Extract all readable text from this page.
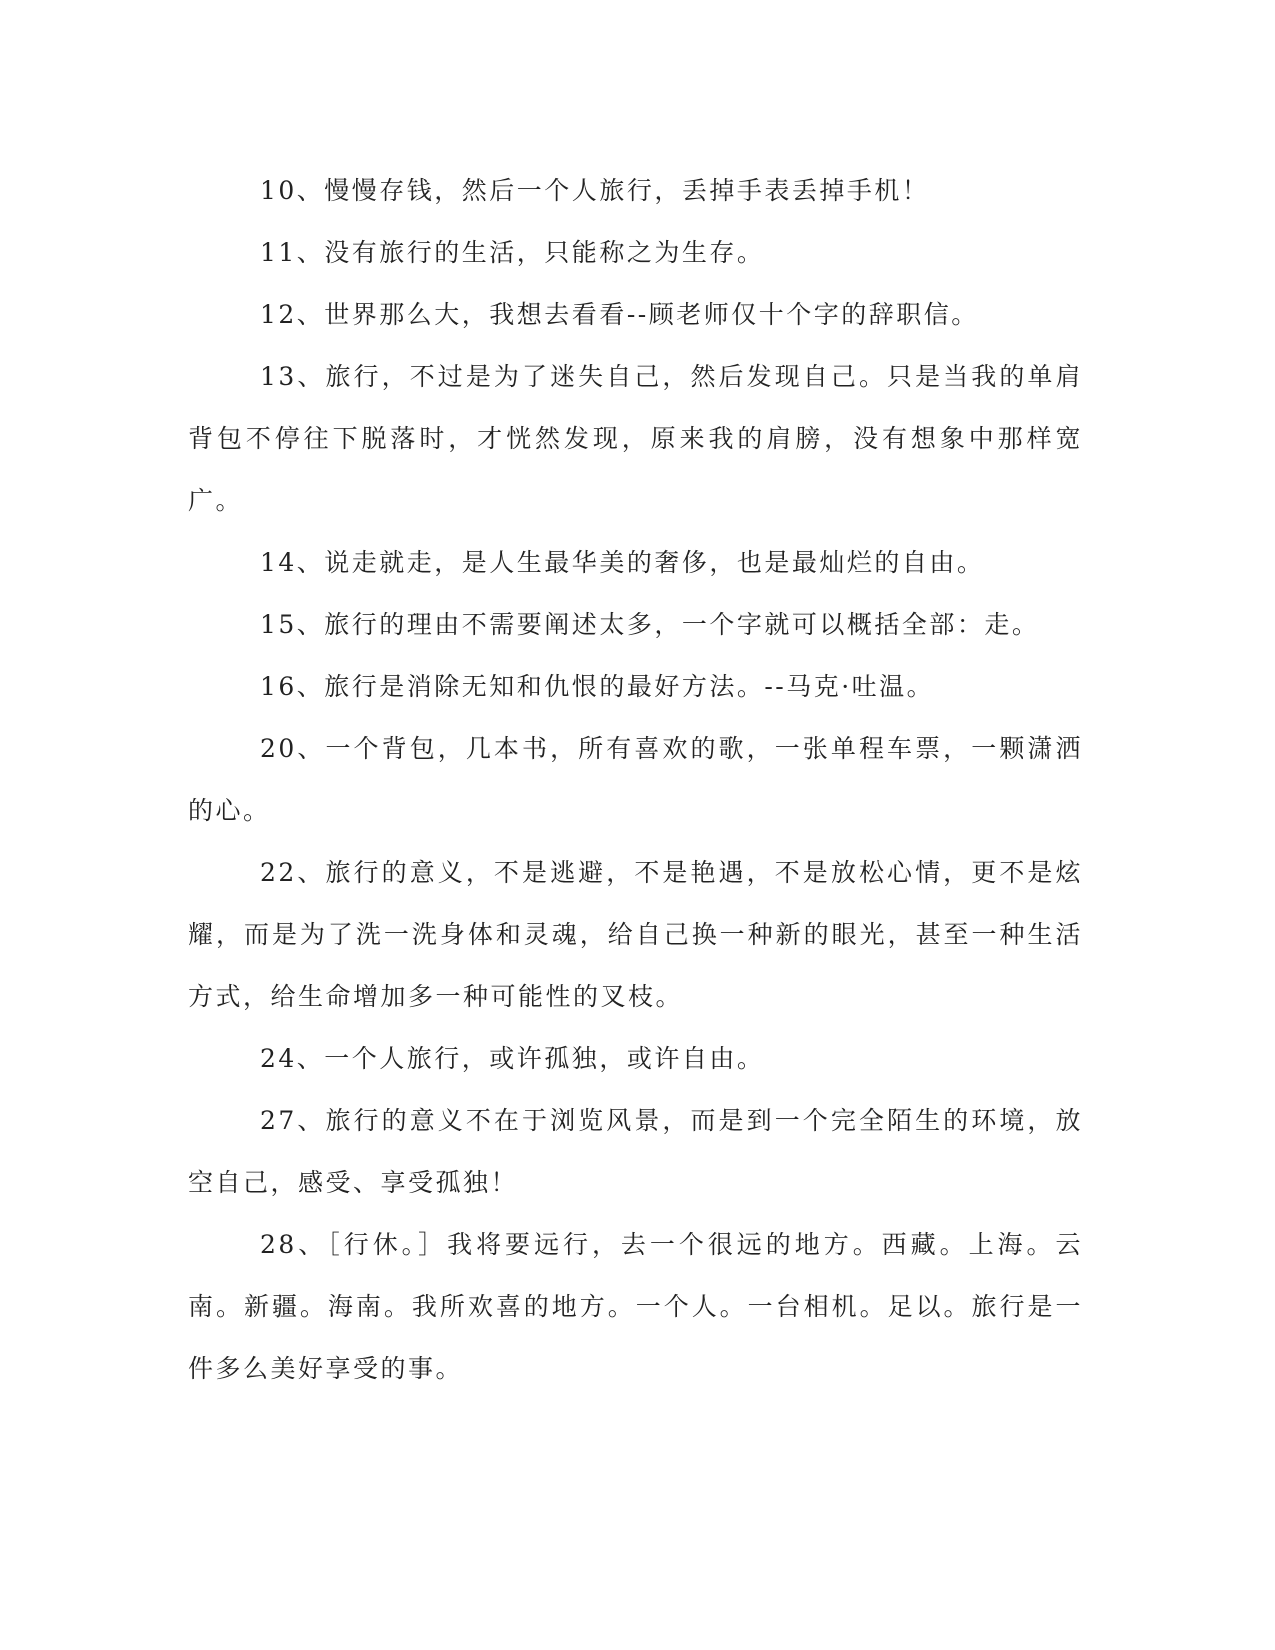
10、慢慢存钱，然后一个人旅行，丢掉手表丢掉手机！

11、没有旅行的生活，只能称之为生存。

12、世界那么大，我想去看看--顾老师仅十个字的辞职信。

13、旅行，不过是为了迷失自己，然后发现自己。只是当我的单肩背包不停往下脱落时，才恍然发现，原来我的肩膀，没有想象中那样宽广。

14、说走就走，是人生最华美的奢侈，也是最灿烂的自由。

15、旅行的理由不需要阐述太多，一个字就可以概括全部：走。

16、旅行是消除无知和仇恨的最好方法。--马克·吐温。

20、一个背包，几本书，所有喜欢的歌，一张单程车票，一颗潇洒的心。

22、旅行的意义，不是逃避，不是艳遇，不是放松心情，更不是炫耀，而是为了洗一洗身体和灵魂，给自己换一种新的眼光，甚至一种生活方式，给生命增加多一种可能性的叉枝。

24、一个人旅行，或许孤独，或许自由。

27、旅行的意义不在于浏览风景，而是到一个完全陌生的环境，放空自己，感受、享受孤独！

28、［行休。］我将要远行，去一个很远的地方。西藏。上海。云南。新疆。海南。我所欢喜的地方。一个人。一台相机。足以。旅行是一件多么美好享受的事。
